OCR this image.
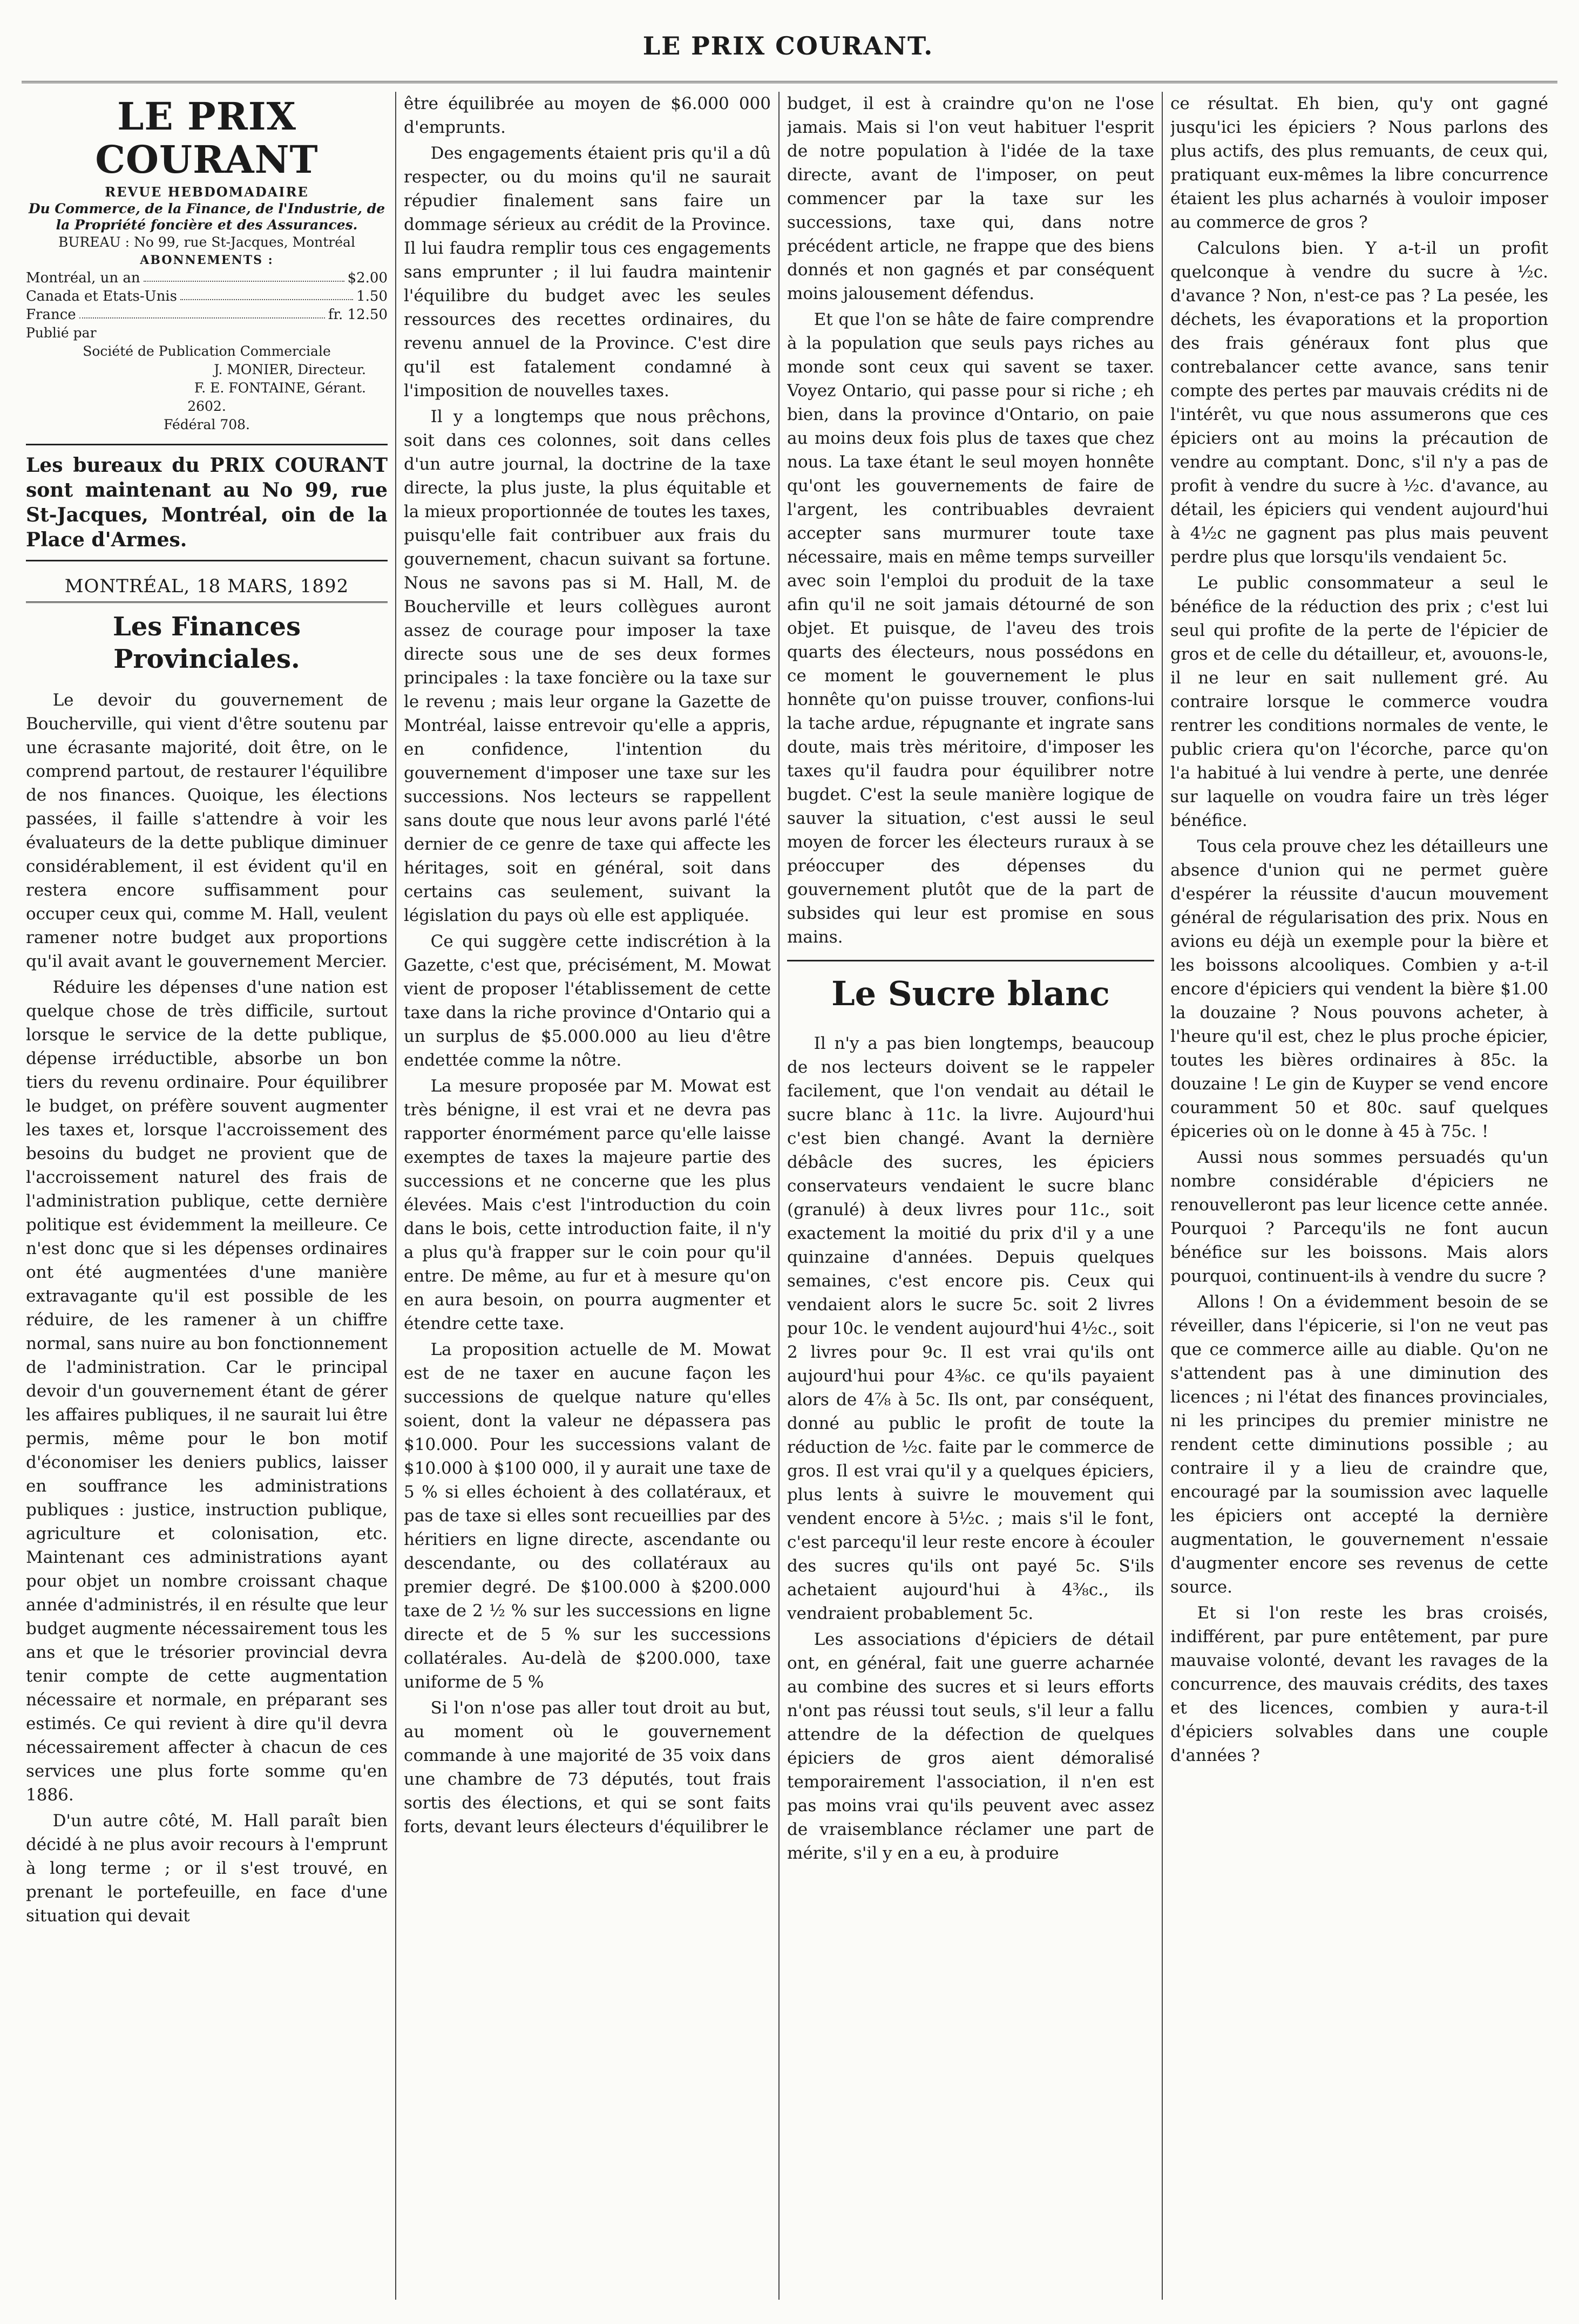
LE PRIX COURANT.
LE PRIX COURANT
REVUE HEBDOMADAIRE
Du Commerce, de la Finance, de l'Industrie, de la Propriété foncière et des Assurances.
BUREAU : No 99, rue St-Jacques, Montréal
ABONNEMENTS :
Montréal, un an	$2.00
Canada et Etats-Unis	1.50
France	fr. 12.50
Publié par
Société de Publication Commerciale
J. MONIER, Directeur.
F. E. FONTAINE, Gérant.
2602.
Fédéral 708.
Les bureaux du PRIX COURANT sont maintenant au No 99, rue St-Jacques, Montréal, oin de la Place d'Armes.
MONTRÉAL, 18 MARS, 1892
Les Finances Provinciales.

Le devoir du gouvernement de Boucherville, qui vient d'être soutenu par une écrasante majorité, doit être, on le comprend partout, de restaurer l'équilibre de nos finances. Quoique, les élections passées, il faille s'attendre à voir les évaluateurs de la dette publique diminuer considérablement, il est évident qu'il en restera encore suffisamment pour occuper ceux qui, comme M. Hall, veulent ramener notre budget aux proportions qu'il avait avant le gouvernement Mercier.

Réduire les dépenses d'une nation est quelque chose de très difficile, surtout lorsque le service de la dette publique, dépense irréductible, absorbe un bon tiers du revenu ordinaire. Pour équilibrer le budget, on préfère souvent augmenter les taxes et, lorsque l'accroissement des besoins du budget ne provient que de l'accroissement naturel des frais de l'administration publique, cette dernière politique est évidemment la meilleure. Ce n'est donc que si les dépenses ordinaires ont été augmentées d'une manière extravagante qu'il est possible de les réduire, de les ramener à un chiffre normal, sans nuire au bon fonctionnement de l'administration. Car le principal devoir d'un gouvernement étant de gérer les affaires publiques, il ne saurait lui être permis, même pour le bon motif d'économiser les deniers publics, laisser en souffrance les administrations publiques : justice, instruction publique, agriculture et colonisation, etc. Maintenant ces administrations ayant pour objet un nombre croissant chaque année d'administrés, il en résulte que leur budget augmente nécessairement tous les ans et que le trésorier provincial devra tenir compte de cette augmentation nécessaire et normale, en préparant ses estimés. Ce qui revient à dire qu'il devra nécessairement affecter à chacun de ces services une plus forte somme qu'en 1886.

D'un autre côté, M. Hall paraît bien décidé à ne plus avoir recours à l'emprunt à long terme ; or il s'est trouvé, en prenant le portefeuille, en face d'une situation qui devait

être équilibrée au moyen de $6.000 000 d'emprunts.

Des engagements étaient pris qu'il a dû respecter, ou du moins qu'il ne saurait répudier finalement sans faire un dommage sérieux au crédit de la Province. Il lui faudra remplir tous ces engagements sans emprunter ; il lui faudra maintenir l'équilibre du budget avec les seules ressources des recettes ordinaires, du revenu annuel de la Province. C'est dire qu'il est fatalement condamné à l'imposition de nouvelles taxes.

Il y a longtemps que nous prêchons, soit dans ces colonnes, soit dans celles d'un autre journal, la doctrine de la taxe directe, la plus juste, la plus équitable et la mieux proportionnée de toutes les taxes, puisqu'elle fait contribuer aux frais du gouvernement, chacun suivant sa fortune. Nous ne savons pas si M. Hall, M. de Boucherville et leurs collègues auront assez de courage pour imposer la taxe directe sous une de ses deux formes principales : la taxe foncière ou la taxe sur le revenu ; mais leur organe la Gazette de Montréal, laisse entrevoir qu'elle a appris, en confidence, l'intention du gouvernement d'imposer une taxe sur les successions. Nos lecteurs se rappellent sans doute que nous leur avons parlé l'été dernier de ce genre de taxe qui affecte les héritages, soit en général, soit dans certains cas seulement, suivant la législation du pays où elle est appliquée.

Ce qui suggère cette indiscrétion à la Gazette, c'est que, précisément, M. Mowat vient de proposer l'établissement de cette taxe dans la riche province d'Ontario qui a un surplus de $5.000.000 au lieu d'être endettée comme la nôtre.

La mesure proposée par M. Mowat est très bénigne, il est vrai et ne devra pas rapporter énormément parce qu'elle laisse exemptes de taxes la majeure partie des successions et ne concerne que les plus élevées. Mais c'est l'introduction du coin dans le bois, cette introduction faite, il n'y a plus qu'à frapper sur le coin pour qu'il entre. De même, au fur et à mesure qu'on en aura besoin, on pourra augmenter et étendre cette taxe.

La proposition actuelle de M. Mowat est de ne taxer en aucune façon les successions de quelque nature qu'elles soient, dont la valeur ne dépassera pas $10.000. Pour les successions valant de $10.000 à $100 000, il y aurait une taxe de 5 % si elles échoient à des collatéraux, et pas de taxe si elles sont recueillies par des héritiers en ligne directe, ascendante ou descendante, ou des collatéraux au premier degré. De $100.000 à $200.000 taxe de 2 ½ % sur les successions en ligne directe et de 5 % sur les successions collatérales. Au-delà de $200.000, taxe uniforme de 5 %

Si l'on n'ose pas aller tout droit au but, au moment où le gouvernement commande à une majorité de 35 voix dans une chambre de 73 députés, tout frais sortis des élections, et qui se sont faits forts, devant leurs électeurs d'équilibrer le

budget, il est à craindre qu'on ne l'ose jamais. Mais si l'on veut habituer l'esprit de notre population à l'idée de la taxe directe, avant de l'imposer, on peut commencer par la taxe sur les successions, taxe qui, dans notre précédent article, ne frappe que des biens donnés et non gagnés et par conséquent moins jalousement défendus.

Et que l'on se hâte de faire comprendre à la population que seuls pays riches au monde sont ceux qui savent se taxer. Voyez Ontario, qui passe pour si riche ; eh bien, dans la province d'Ontario, on paie au moins deux fois plus de taxes que chez nous. La taxe étant le seul moyen honnête qu'ont les gouvernements de faire de l'argent, les contribuables devraient accepter sans murmurer toute taxe nécessaire, mais en même temps surveiller avec soin l'emploi du produit de la taxe afin qu'il ne soit jamais détourné de son objet. Et puisque, de l'aveu des trois quarts des électeurs, nous possédons en ce moment le gouvernement le plus honnête qu'on puisse trouver, confions-lui la tache ardue, répugnante et ingrate sans doute, mais très méritoire, d'imposer les taxes qu'il faudra pour équilibrer notre bugdet. C'est la seule manière logique de sauver la situation, c'est aussi le seul moyen de forcer les électeurs ruraux à se préoccuper des dépenses du gouvernement plutôt que de la part de subsides qui leur est promise en sous mains.

Le Sucre blanc

Il n'y a pas bien longtemps, beaucoup de nos lecteurs doivent se le rappeler facilement, que l'on vendait au détail le sucre blanc à 11c. la livre. Aujourd'hui c'est bien changé. Avant la dernière débâcle des sucres, les épiciers conservateurs vendaient le sucre blanc (granulé) à deux livres pour 11c., soit exactement la moitié du prix d'il y a une quinzaine d'années. Depuis quelques semaines, c'est encore pis. Ceux qui vendaient alors le sucre 5c. soit 2 livres pour 10c. le vendent aujourd'hui 4½c., soit 2 livres pour 9c. Il est vrai qu'ils ont aujourd'hui pour 4⅜c. ce qu'ils payaient alors de 4⅞ à 5c. Ils ont, par conséquent, donné au public le profit de toute la réduction de ½c. faite par le commerce de gros. Il est vrai qu'il y a quelques épiciers, plus lents à suivre le mouvement qui vendent encore à 5½c. ; mais s'il le font, c'est parcequ'il leur reste encore à écouler des sucres qu'ils ont payé 5c. S'ils achetaient aujourd'hui à 4⅜c., ils vendraient probablement 5c.

Les associations d'épiciers de détail ont, en général, fait une guerre acharnée au combine des sucres et si leurs efforts n'ont pas réussi tout seuls, s'il leur a fallu attendre de la défection de quelques épiciers de gros aient démoralisé temporairement l'association, il n'en est pas moins vrai qu'ils peuvent avec assez de vraisemblance réclamer une part de mérite, s'il y en a eu, à produire

ce résultat. Eh bien, qu'y ont gagné jusqu'ici les épiciers ? Nous parlons des plus actifs, des plus remuants, de ceux qui, pratiquant eux-mêmes la libre concurrence étaient les plus acharnés à vouloir imposer au commerce de gros ?

Calculons bien. Y a-t-il un profit quelconque à vendre du sucre à ½c. d'avance ? Non, n'est-ce pas ? La pesée, les déchets, les évaporations et la proportion des frais généraux font plus que contrebalancer cette avance, sans tenir compte des pertes par mauvais crédits ni de l'intérêt, vu que nous assumerons que ces épiciers ont au moins la précaution de vendre au comptant. Donc, s'il n'y a pas de profit à vendre du sucre à ½c. d'avance, au détail, les épiciers qui vendent aujourd'hui à 4½c ne gagnent pas plus mais peuvent perdre plus que lorsqu'ils vendaient 5c.

Le public consommateur a seul le bénéfice de la réduction des prix ; c'est lui seul qui profite de la perte de l'épicier de gros et de celle du détailleur, et, avouons-le, il ne leur en sait nullement gré. Au contraire lorsque le commerce voudra rentrer les conditions normales de vente, le public criera qu'on l'écorche, parce qu'on l'a habitué à lui vendre à perte, une denrée sur laquelle on voudra faire un très léger bénéfice.

Tous cela prouve chez les détailleurs une absence d'union qui ne permet guère d'espérer la réussite d'aucun mouvement général de régularisation des prix. Nous en avions eu déjà un exemple pour la bière et les boissons alcooliques. Combien y a-t-il encore d'épiciers qui vendent la bière $1.00 la douzaine ? Nous pouvons acheter, à l'heure qu'il est, chez le plus proche épicier, toutes les bières ordinaires à 85c. la douzaine ! Le gin de Kuyper se vend encore couramment 50 et 80c. sauf quelques épiceries où on le donne à 45 à 75c. !

Aussi nous sommes persuadés qu'un nombre considérable d'épiciers ne renouvelleront pas leur licence cette année. Pourquoi ? Parcequ'ils ne font aucun bénéfice sur les boissons. Mais alors pourquoi, continuent-ils à vendre du sucre ?

Allons ! On a évidemment besoin de se réveiller, dans l'épicerie, si l'on ne veut pas que ce commerce aille au diable. Qu'on ne s'attendent pas à une diminution des licences ; ni l'état des finances provinciales, ni les principes du premier ministre ne rendent cette diminutions possible ; au contraire il y a lieu de craindre que, encouragé par la soumission avec laquelle les épiciers ont accepté la dernière augmentation, le gouvernement n'essaie d'augmenter encore ses revenus de cette source.

Et si l'on reste les bras croisés, indifférent, par pure entêtement, par pure mauvaise volonté, devant les ravages de la concurrence, des mauvais crédits, des taxes et des licences, combien y aura-t-il d'épiciers solvables dans une couple d'années ?
